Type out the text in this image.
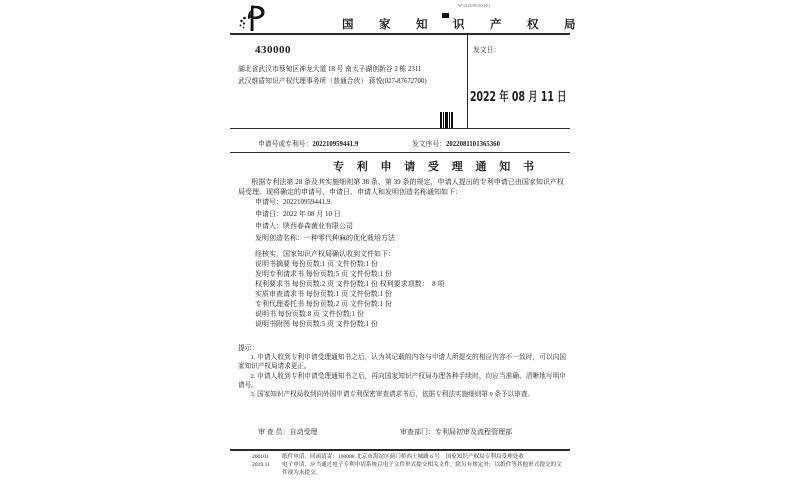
W32209050101
国　家　知　识　产　权　局
430000
湖北省武汉市蔡甸区神龙大道 18 号 南太子湖创新谷 2 栋 2311
武汉维盾知识产权代理事务所（普通合伙） 蒋悦(027-87672700)
发文日：
2022 年 08 月 11 日
申请号或专利号：202210959441.9	发文序号：2022081101365360
专 利 申 请 受 理 通 知 书
根据专利法第 28 条及其实施细则第 38 条、第 39 条的规定，申请人提出的专利申请已由国家知识产权局受理。现将确定的申请号、申请日、申请人和发明创造名称通知如下：
申请号：202210959441.9
申请日：2022 年 08 月 10 日
申请人：陕西春森菌业有限公司
发明创造名称：一种零代种麻的优化栽培方法
经核实，国家知识产权局确认收到文件如下：
说明书摘要 每份页数:1 页 文件份数:1 份
发明专利请求书 每份页数:5 页 文件份数:1 份
权利要求书 每份页数:2 页 文件份数:1 份 权利要求项数：　8 项
实质审查请求书 每份页数:1 页 文件份数:1 份
专利代理委托书 每份页数:2 页 文件份数:1 份
说明书 每份页数:8 页 文件份数:1 份
说明书附图 每份页数:5 页 文件份数:1 份
提示：
1. 申请人收到专利申请受理通知书之后，认为其记载的内容与申请人所提交的相应内容不一致时，可以向国家知识产权局请求更正。
2. 申请人收到专利申请受理通知书之后，再向国家知识产权局办理各种手续时，均应当准确、清晰地写明申请号。
3. 国家知识产权局收到向外国申请专利保密审查请求书后，依据专利法实施细则第 9 条予以审查。
审 查 员：自动受理	审查部门：专利局初审及流程管理部
200101
2019.11
纸件申请，回函请寄：100088 北京市海淀区蓟门桥西土城路 6 号　国家知识产权局专利局受理处收
电子申请，应当通过电子专利申请系统以电子文件形式提交相关文件。除另有规定外，以纸件等其他形式提交的文件视为未提交。
